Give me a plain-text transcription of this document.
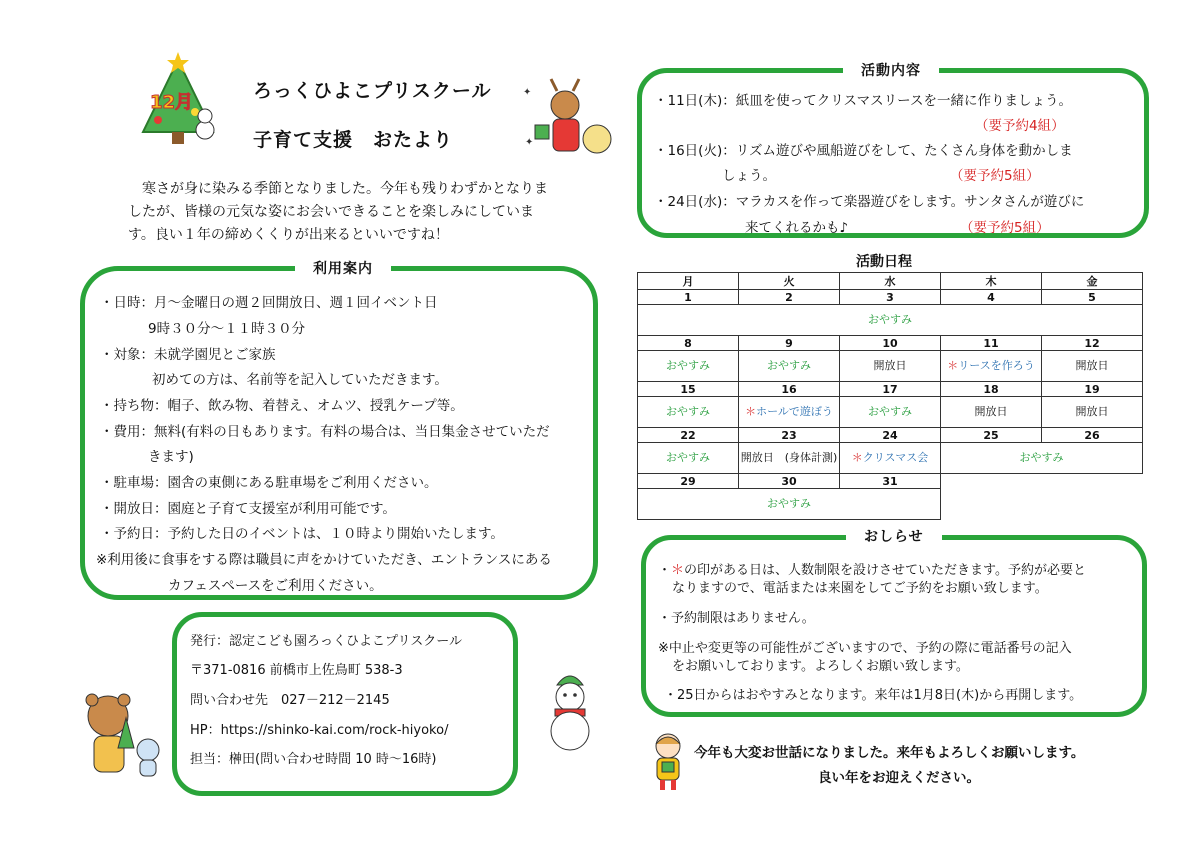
12月
ろっくひよこプリスクール
子育て支援　おたより
✦
✦
寒さが身に染みる季節となりました。今年も残りわずかとなりま
したが、皆様の元気な姿にお会いできることを楽しみにしていま
す。良い１年の締めくくりが出来るといいですね！
利用案内
・日時：月～金曜日の週２回開放日、週１回イベント日
9時３０分～１１時３０分
・対象：未就学園児とご家族
初めての方は、名前等を記入していただきます。
・持ち物：帽子、飲み物、着替え、オムツ、授乳ケープ等。
・費用：無料(有料の日もあります。有料の場合は、当日集金させていただ
きます)
・駐車場：園舎の東側にある駐車場をご利用ください。
・開放日：園庭と子育て支援室が利用可能です。
・予約日：予約した日のイベントは、１０時より開始いたします。
※利用後に食事をする際は職員に声をかけていただき、エントランスにある
カフェスペースをご利用ください。
発行：認定こども園ろっくひよこプリスクール
〒371-0816 前橋市上佐鳥町 538-3
問い合わせ先　027－212－2145
HP：https://shinko-kai.com/rock-hiyoko/
担当：榊田(問い合わせ時間 10 時～16時)
活動内容
・11日(木)：紙皿を使ってクリスマスリースを一緒に作りましょう。
（要予約4組）
・16日(火)：リズム遊びや風船遊びをして、たくさん身体を動かしま
しょう。	（要予約5組）
・24日(水)：マラカスを作って楽器遊びをします。サンタさんが遊びに
来てくれるかも♪	（要予約5組）
活動日程
月	火	水	木	金
1	2	3	4	5
おやすみ				
8	9	10	11	12
おやすみ	おやすみ	開放日	＊リースを作ろう	開放日
15	16	17	18	19
おやすみ	＊ホールで遊ぼう	おやすみ	開放日	開放日
22	23	24	25	26
おやすみ	開放日　(身体計測)	＊クリスマス会	おやすみ	
29	30	31		
おやすみ				
おしらせ
・＊の印がある日は、人数制限を設けさせていただきます。予約が必要と
なりますので、電話または来園をしてご予約をお願い致します。
・予約制限はありません。
※中止や変更等の可能性がございますので、予約の際に電話番号の記入
をお願いしております。よろしくお願い致します。
・25日からはおやすみとなります。来年は1月8日(木)から再開します。
今年も大変お世話になりました。来年もよろしくお願いします。
良い年をお迎えください。
